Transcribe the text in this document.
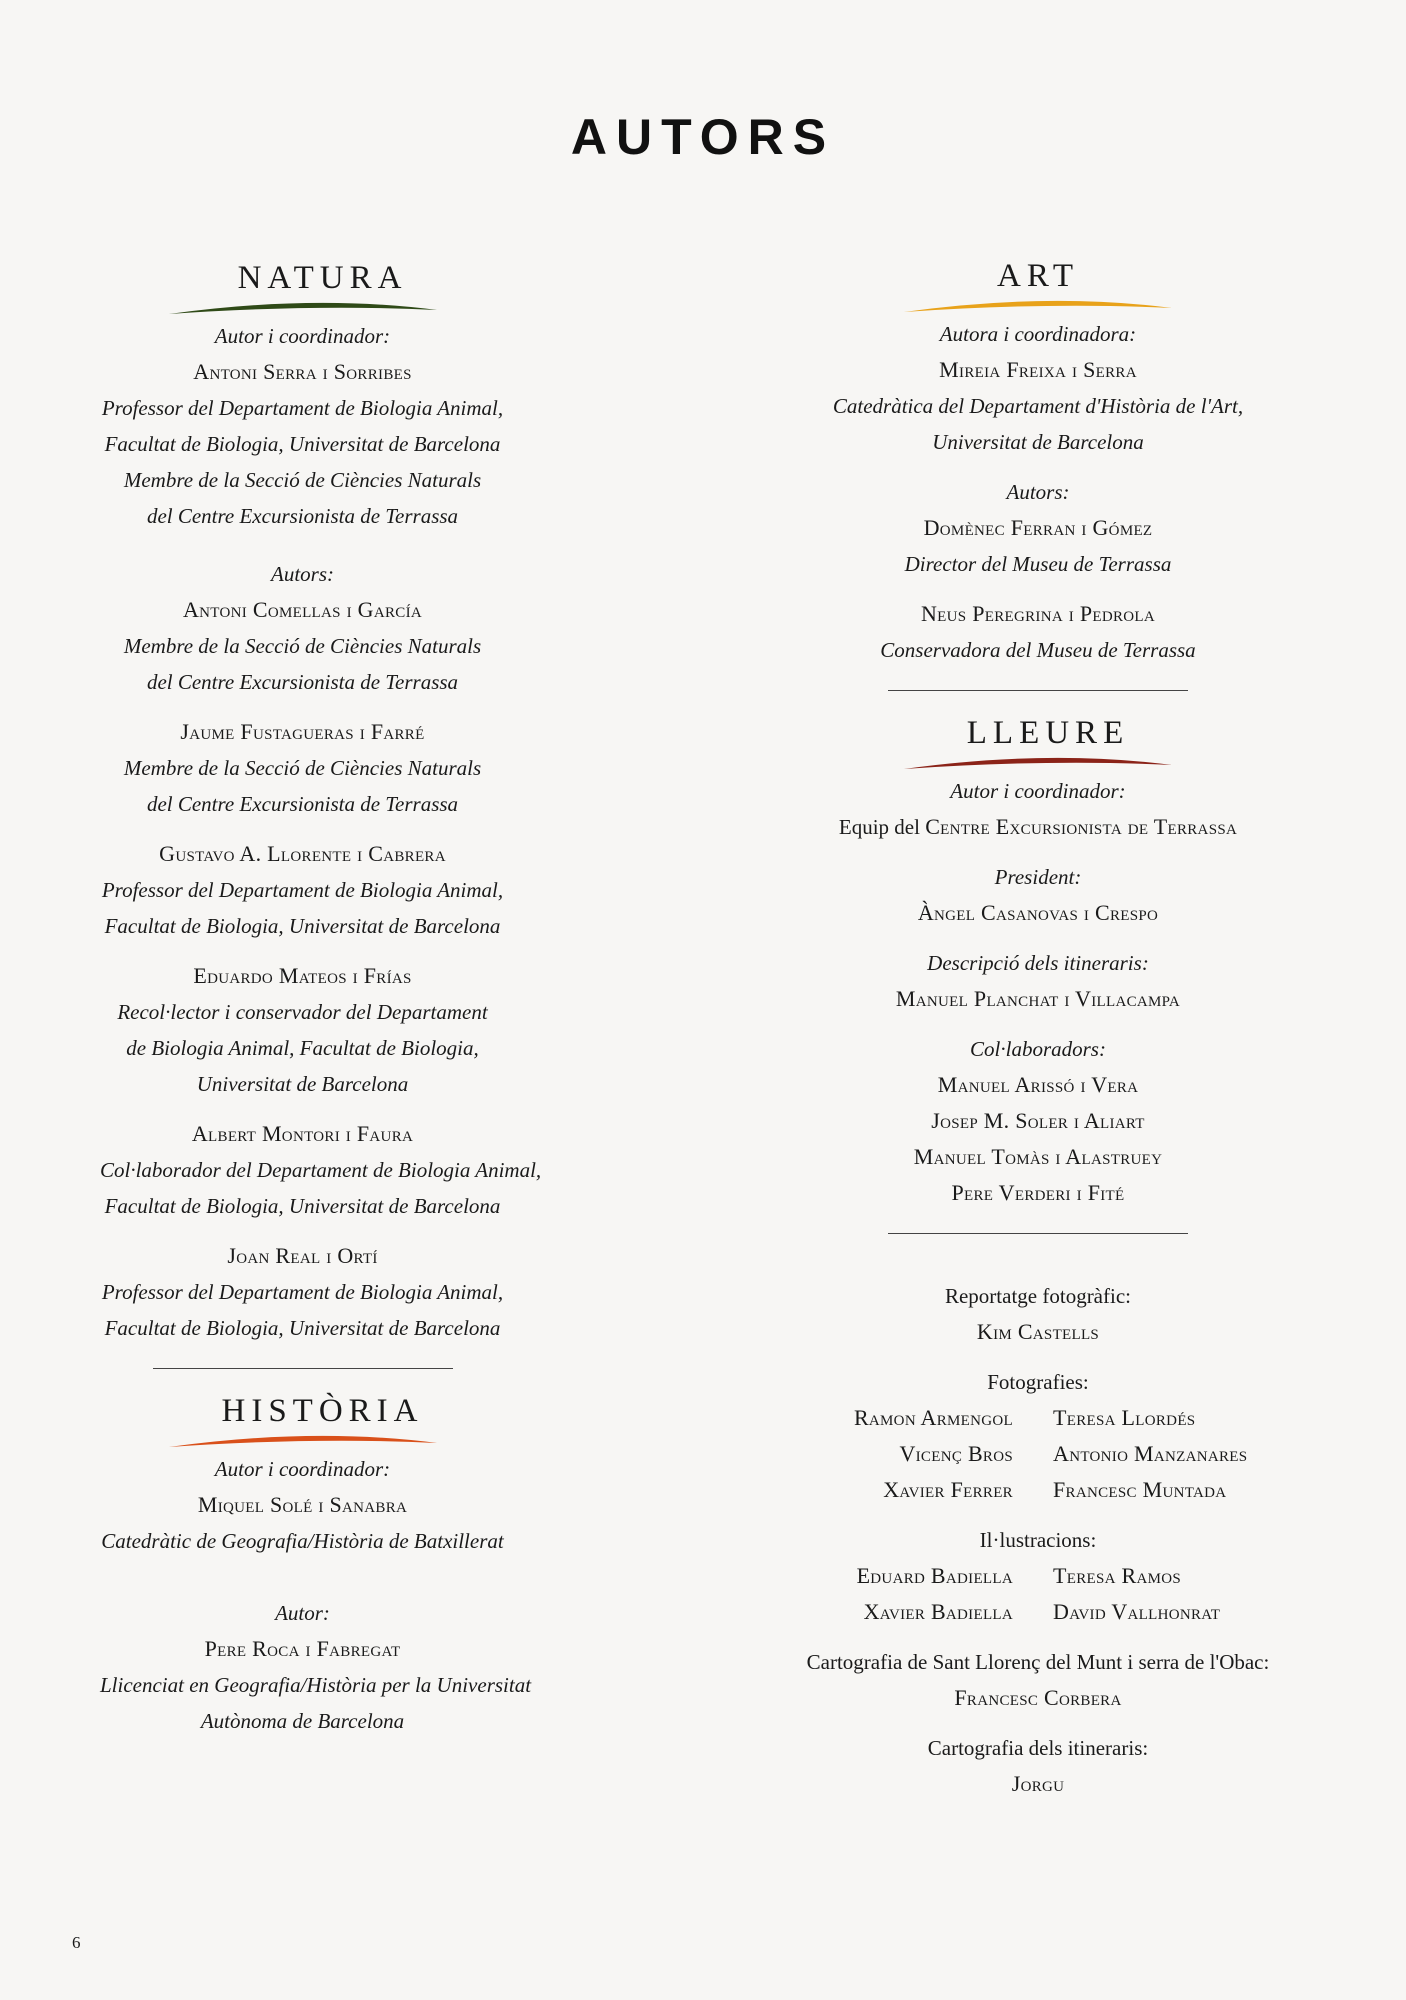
AUTORS
NATURA
Autor i coordinador:
Antoni Serra i Sorribes
Professor del Departament de Biologia Animal,
Facultat de Biologia, Universitat de Barcelona
Membre de la Secció de Ciències Naturals
del Centre Excursionista de Terrassa
Autors:
Antoni Comellas i García
Membre de la Secció de Ciències Naturals
del Centre Excursionista de Terrassa
Jaume Fustagueras i Farré
Membre de la Secció de Ciències Naturals
del Centre Excursionista de Terrassa
Gustavo A. Llorente i Cabrera
Professor del Departament de Biologia Animal,
Facultat de Biologia, Universitat de Barcelona
Eduardo Mateos i Frías
Recol·lector i conservador del Departament
de Biologia Animal, Facultat de Biologia,
Universitat de Barcelona
Albert Montori i Faura
Col·laborador del Departament de Biologia Animal,
Facultat de Biologia, Universitat de Barcelona
Joan Real i Ortí
Professor del Departament de Biologia Animal,
Facultat de Biologia, Universitat de Barcelona
HISTÒRIA
Autor i coordinador:
Miquel Solé i Sanabra
Catedràtic de Geografia/Història de Batxillerat
Autor:
Pere Roca i Fabregat
Llicenciat en Geografia/Història per la Universitat
Autònoma de Barcelona
ART
Autora i coordinadora:
Mireia Freixa i Serra
Catedràtica del Departament d'Història de l'Art,
Universitat de Barcelona
Autors:
Domènec Ferran i Gómez
Director del Museu de Terrassa
Neus Peregrina i Pedrola
Conservadora del Museu de Terrassa
LLEURE
Autor i coordinador:
Equip del Centre Excursionista de Terrassa
President:
Àngel Casanovas i Crespo
Descripció dels itineraris:
Manuel Planchat i Villacampa
Col·laboradors:
Manuel Arissó i Vera
Josep M. Soler i Aliart
Manuel Tomàs i Alastruey
Pere Verderi i Fité
Reportatge fotogràfic:
Kim Castells
Fotografies:
Ramon Armengol	Teresa Llordés
Vicenç Bros	Antonio Manzanares
Xavier Ferrer	Francesc Muntada
Il·lustracions:
Eduard Badiella	Teresa Ramos
Xavier Badiella	David Vallhonrat
Cartografia de Sant Llorenç del Munt i serra de l'Obac:
Francesc Corbera
Cartografia dels itineraris:
Jorgu
6
